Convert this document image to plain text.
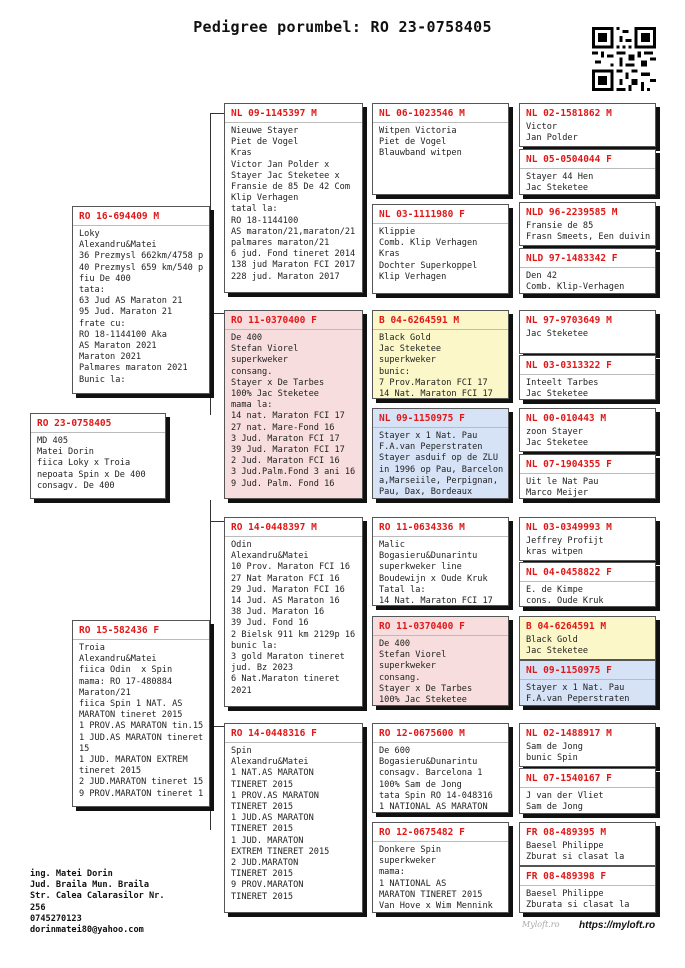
Pedigree porumbel: RO 23-0758405
RO 23-0758405
MD 405
Matei Dorin
fiica Loky x Troia
nepoata Spin x De 400
consagv. De 400
RO 16-694409 M
Loky
Alexandru&Matei
36 Prezmysl 662km/4758 p
40 Prezmysl 659 km/540 p
fiu De 400
tata:
63 Jud AS Maraton 21
95 Jud. Maraton 21
frate cu:
RO 18-1144100 Aka
AS Maraton 2021
Maraton 2021
Palmares maraton 2021
Bunic la:
RO 15-582436 F
Troia
Alexandru&Matei
fiica Odin  x Spin
mama: RO 17-480884
Maraton/21
fiica Spin 1 NAT. AS
MARATON tineret 2015
1 PROV.AS MARATON tin.15
1 JUD.AS MARATON tineret
15
1 JUD. MARATON EXTREM
tineret 2015
2 JUD.MARATON tineret 15
9 PROV.MARATON tineret 1
NL 09-1145397 M
Nieuwe Stayer
Piet de Vogel
Kras
Victor Jan Polder x
Stayer Jac Steketee x
Fransie de 85 De 42 Com
Klip Verhagen
tatal la:
RO 18-1144100
AS maraton/21,maraton/21
palmares maraton/21
6 jud. Fond tineret 2014
138 jud Maraton FCI 2017
228 jud. Maraton 2017
RO 11-0370400 F
De 400
Stefan Viorel
superkweker
consang.
Stayer x De Tarbes
100% Jac Steketee
mama la:
14 nat. Maraton FCI 17
27 nat. Mare-Fond 16
3 Jud. Maraton FCI 17
39 Jud. Maraton FCI 17
2 Jud. Maraton FCI 16
3 Jud.Palm.Fond 3 ani 16
9 Jud. Palm. Fond 16
RO 14-0448397 M
Odin
Alexandru&Matei
10 Prov. Maraton FCI 16
27 Nat Maraton FCI 16
29 Jud. Maraton FCI 16
14 Jud. AS Maraton 16
38 Jud. Maraton 16
39 Jud. Fond 16
2 Bielsk 911 km 2129p 16
bunic la:
3 gold Maraton tineret
jud. Bz 2023
6 Nat.Maraton tineret
2021
RO 14-0448316 F
Spin
Alexandru&Matei
1 NAT.AS MARATON
TINERET 2015
1 PROV.AS MARATON
TINERET 2015
1 JUD.AS MARATON
TINERET 2015
1 JUD. MARATON
EXTREM TINERET 2015
2 JUD.MARATON
TINERET 2015
9 PROV.MARATON
TINERET 2015
NL 06-1023546 M
Witpen Victoria
Piet de Vogel
Blauwband witpen
NL 03-1111980 F
Klippie
Comb. Klip Verhagen
Kras
Dochter Superkoppel
Klip Verhagen
B 04-6264591 M
Black Gold
Jac Steketee
superkweker
bunic:
7 Prov.Maraton FCI 17
14 Nat. Maraton FCI 17
NL 09-1150975 F
Stayer x 1 Nat. Pau
F.A.van Peperstraten
Stayer asduif op de ZLU
in 1996 op Pau, Barcelon
a,Marseiile, Perpignan,
Pau, Dax, Bordeaux
RO 11-0634336 M
Malic
Bogasieru&Dunarintu
superkweker line
Boudewijn x Oude Kruk
Tatal la:
14 Nat. Maraton FCI 17
RO 11-0370400 F
De 400
Stefan Viorel
superkweker
consang.
Stayer x De Tarbes
100% Jac Steketee
RO 12-0675600 M
De 600
Bogasieru&Dunarintu
consagv. Barcelona 1
100% Sam de Jong
tata Spin RO 14-048316
1 NATIONAL AS MARATON
RO 12-0675482 F
Donkere Spin
superkweker
mama:
1 NATIONAL AS
MARATON TINERET 2015
Van Hove x Wim Mennink
NL 02-1581862 M
Victor
Jan Polder
NL 05-0504044 F
Stayer 44 Hen
Jac Steketee
NLD 96-2239585 M
Fransie de 85
Frasn Smeets, Een duivin
NLD 97-1483342 F
Den 42
Comb. Klip-Verhagen
NL 97-9703649 M
Jac Steketee
NL 03-0313322 F
Inteelt Tarbes
Jac Steketee
NL 00-010443 M
zoon Stayer
Jac Steketee
NL 07-1904355 F
Uit le Nat Pau
Marco Meijer
NL 03-0349993 M
Jeffrey Profijt
kras witpen
NL 04-0458822 F
E. de Kimpe
cons. Oude Kruk
B 04-6264591 M
Black Gold
Jac Steketee
NL 09-1150975 F
Stayer x 1 Nat. Pau
F.A.van Peperstraten
NL 02-1488917 M
Sam de Jong
bunic Spin
NL 07-1540167 F
J van der Vliet
Sam de Jong
FR 08-489395 M
Baesel Philippe
Zburat si clasat la
FR 08-489398 F
Baesel Philippe
Zburata si clasat la
ing. Matei Dorin
Jud. Braila Mun. Braila
Str. Calea Calarasilor Nr.
256
0745270123
dorinmatei80@yahoo.com
Myloft.ro https://myloft.ro
